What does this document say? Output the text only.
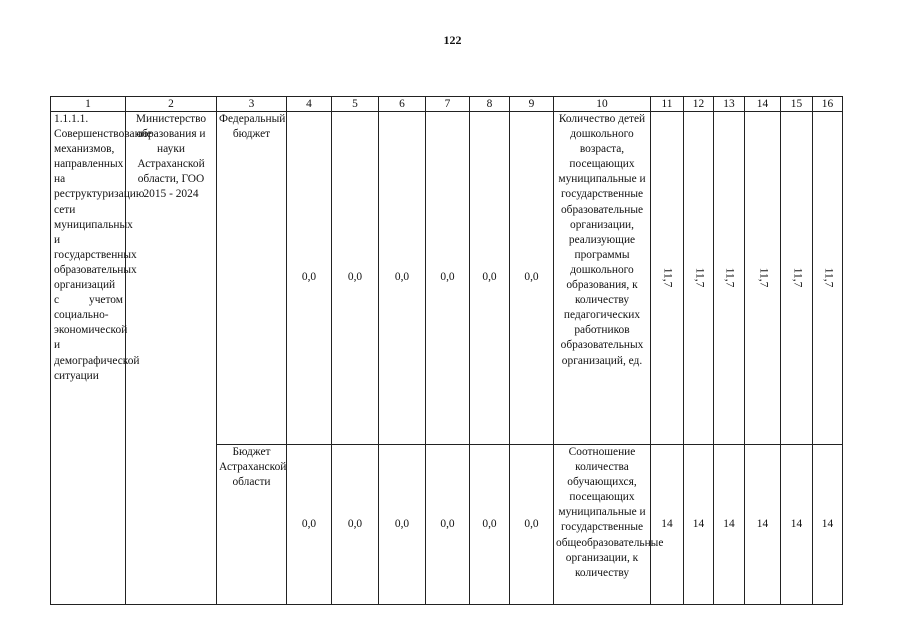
122
1	2	3	4	5	6	7	8	9	10	11	12	13	14	15	16
1.1.1.1. Совершенствование механизмов, направленных на реструктуризацию сети муниципальных и государственных образовательных организаций с учетом социально-экономической и демографической ситуации	Министерство образования и науки Астраханской области, ГОО 2015 - 2024	Федеральный бюджет	0,0	0,0	0,0	0,0	0,0	0,0	Количество детей дошкольного возраста, посещающих муниципальные и государственные образовательные организации, реализующие программы дошкольного образования, к количеству педагогических работников образовательных организаций, ед.	11,7	11,7	11,7	11,7	11,7	11,7
		Бюджет Астраханской области	0,0	0,0	0,0	0,0	0,0	0,0	Соотношение количества обучающихся, посещающих муниципальные и государственные общеобразовательные организации, к количеству	14	14	14	14	14	14
